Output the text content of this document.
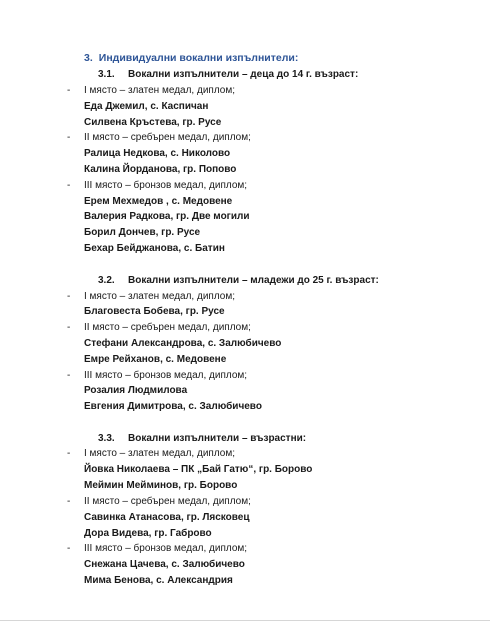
3. Индивидуални вокални изпълнители:
3.1. Вокални изпълнители – деца до 14 г. възраст:
-	I място – златен медал, диплом;
Еда Джемил, с. Каспичан
Силвена Кръстева, гр. Русе
-	II място – сребърен медал, диплом;
Ралица Недкова, с. Николово
Калина Йорданова, гр. Попово
-	III място – бронзов медал, диплом;
Ерем Мехмедов , с. Медовене
Валерия Радкова, гр. Две могили
Борил Дончев, гр. Русе
Бехар Бейджанова, с. Батин
3.2. Вокални изпълнители – младежи до 25 г. възраст:
-	I място – златен медал, диплом;
Благовеста Бобева, гр. Русе
-	II място – сребърен медал, диплом;
Стефани Александрова, с. Залюбичево
Емре Рейханов, с. Медовене
-	III място – бронзов медал, диплом;
Розалия Людмилова
Евгения Димитрова, с. Залюбичево
3.3. Вокални изпълнители – възрастни:
-	I място – златен медал, диплом;
Йовка Николаева – ПК „Бай Гатю“, гр. Борово
Меймин Мейминов, гр. Борово
-	II място – сребърен медал, диплом;
Савинка Атанасова, гр. Лясковец
Дора Видева, гр. Габрово
-	III място – бронзов медал, диплом;
Снежана Цачева, с. Залюбичево
Мима Бенова, с. Александрия
